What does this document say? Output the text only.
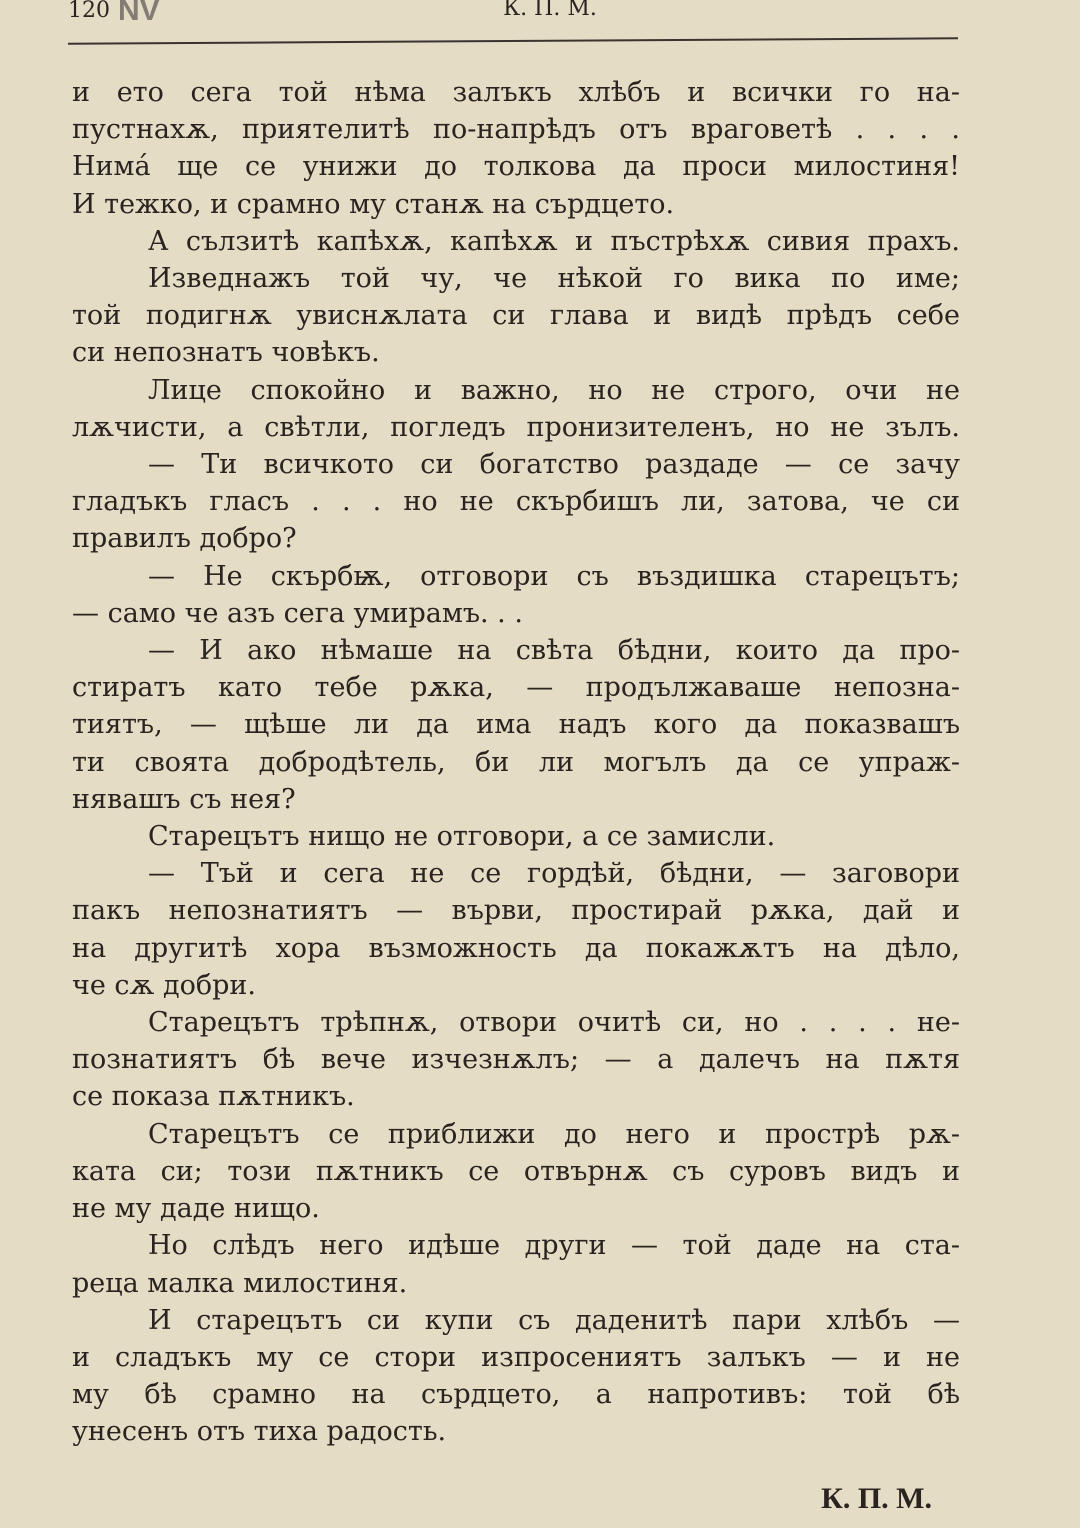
120 NV	К. П. М.
и ето сега той нѣма залъкъ хлѣбъ и всички го на-
пустнахѫ, приятелитѣ по-напрѣдъ отъ враговетѣ . . . .
Нима́ ще се унижи до толкова да проси милостиня!
И тежко, и срамно му станѫ на сърдцето.
А сълзитѣ капѣхѫ, капѣхѫ и пъстрѣхѫ сивия прахъ.
Изведнажъ той чу, че нѣкой го вика по име;
той подигнѫ увиснѫлата си глава и видѣ прѣдъ себе
си непознатъ човѣкъ.
Лице спокойно и важно, но не строго, очи не
лѫчисти, а свѣтли, погледъ пронизителенъ, но не зълъ.
— Ти всичкото си богатство раздаде — се зачу
гладъкъ гласъ . . . но не скърбишъ ли, затова, че си
правилъ добро?
— Не скърбѭ, отговори съ въздишка старецътъ;
— само че азъ сега умирамъ. . .
— И ако нѣмаше на свѣта бѣдни, които да про-
стиратъ като тебе рѫка, — продължаваше непозна-
тиятъ, — щѣше ли да има надъ кого да показвашъ
ти своята добродѣтель, би ли могълъ да се упраж-
нявашъ съ нея?
Старецътъ нищо не отговори, а се замисли.
— Тъй и сега не се гордѣй, бѣдни, — заговори
пакъ непознатиятъ — върви, простирай рѫка, дай и
на другитѣ хора възможность да покажѫтъ на дѣло,
че сѫ добри.
Старецътъ трѣпнѫ, отвори очитѣ си, но . . . . не-
познатиятъ бѣ вече изчезнѫлъ; — а далечъ на пѫтя
се показа пѫтникъ.
Старецътъ се приближи до него и прострѣ рѫ-
ката си; този пѫтникъ се отвърнѫ съ суровъ видъ и
не му даде нищо.
Но слѣдъ него идѣше други — той даде на ста-
реца малка милостиня.
И старецътъ си купи съ даденитѣ пари хлѣбъ —
и сладъкъ му се стори изпросениятъ залъкъ — и не
му бѣ срамно на сърдцето, а напротивъ: той бѣ
унесенъ отъ тиха радость.
К. П. М.
